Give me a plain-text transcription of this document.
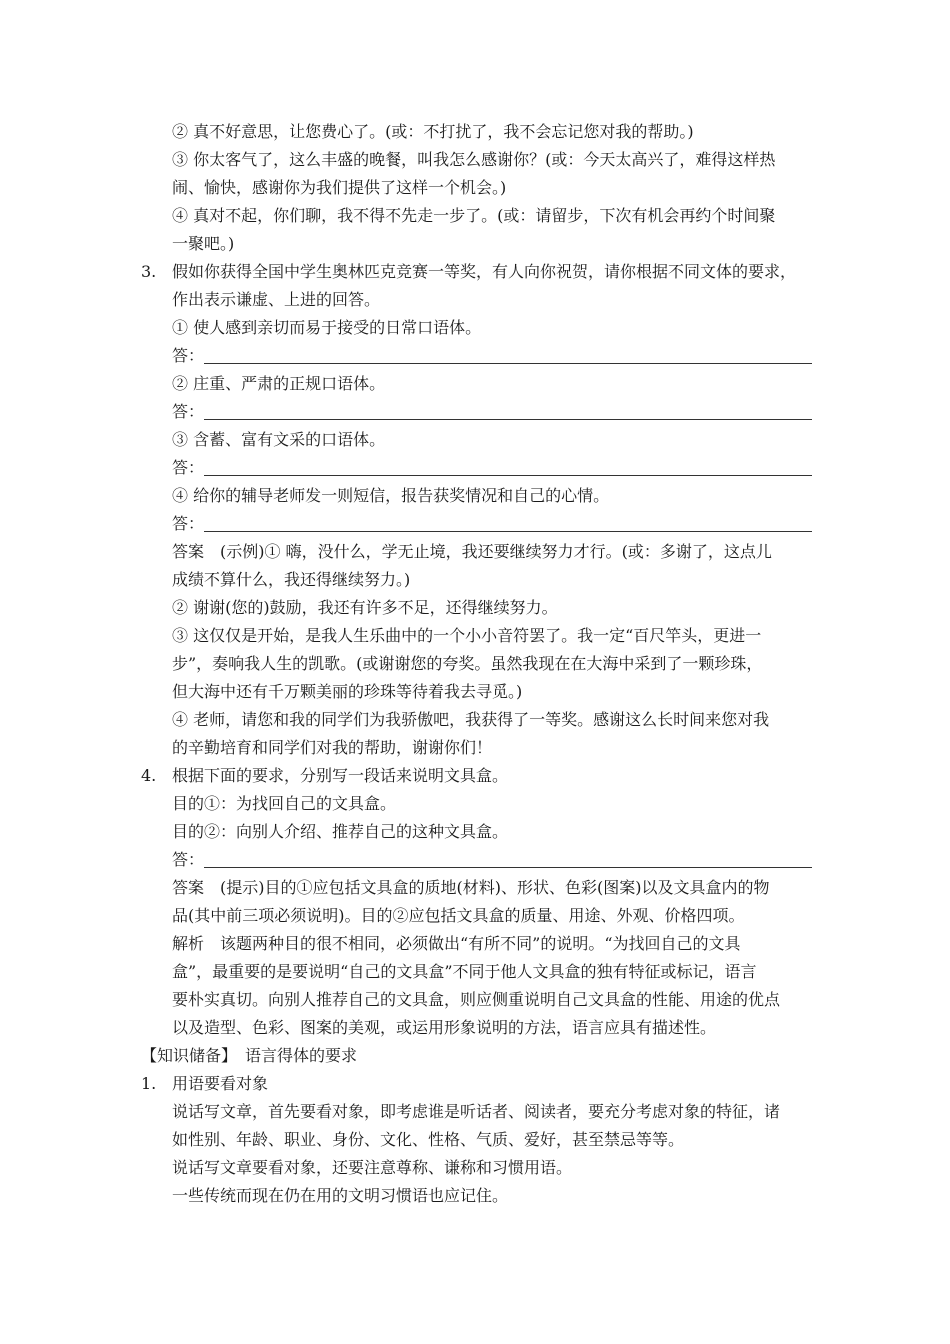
② 真不好意思，让您费心了。(或：不打扰了，我不会忘记您对我的帮助。)
③ 你太客气了，这么丰盛的晚餐，叫我怎么感谢你？(或：今天太高兴了，难得这样热
闹、愉快，感谢你为我们提供了这样一个机会。)
④ 真对不起，你们聊，我不得不先走一步了。(或：请留步，下次有机会再约个时间聚
一聚吧。)
3. 假如你获得全国中学生奥林匹克竞赛一等奖，有人向你祝贺，请你根据不同文体的要求，
作出表示谦虚、上进的回答。
① 使人感到亲切而易于接受的日常口语体。
答：
② 庄重、严肃的正规口语体。
答：
③ 含蓄、富有文采的口语体。
答：
④ 给你的辅导老师发一则短信，报告获奖情况和自己的心情。
答：
答案　(示例)① 嗨，没什么，学无止境，我还要继续努力才行。(或：多谢了，这点儿
成绩不算什么，我还得继续努力。)
② 谢谢(您的)鼓励，我还有许多不足，还得继续努力。
③ 这仅仅是开始，是我人生乐曲中的一个小小音符罢了。我一定“百尺竿头，更进一
步”，奏响我人生的凯歌。(或谢谢您的夸奖。虽然我现在在大海中采到了一颗珍珠，
但大海中还有千万颗美丽的珍珠等待着我去寻觅。)
④ 老师，请您和我的同学们为我骄傲吧，我获得了一等奖。感谢这么长时间来您对我
的辛勤培育和同学们对我的帮助，谢谢你们！
4. 根据下面的要求，分别写一段话来说明文具盒。
目的①：为找回自己的文具盒。
目的②：向别人介绍、推荐自己的这种文具盒。
答：
答案　(提示)目的①应包括文具盒的质地(材料)、形状、色彩(图案)以及文具盒内的物
品(其中前三项必须说明)。目的②应包括文具盒的质量、用途、外观、价格四项。
解析　该题两种目的很不相同，必须做出“有所不同”的说明。“为找回自己的文具
盒”，最重要的是要说明“自己的文具盒”不同于他人文具盒的独有特征或标记，语言
要朴实真切。向别人推荐自己的文具盒，则应侧重说明自己文具盒的性能、用途的优点
以及造型、色彩、图案的美观，或运用形象说明的方法，语言应具有描述性。
【知识储备】　语言得体的要求
1. 用语要看对象
说话写文章，首先要看对象，即考虑谁是听话者、阅读者，要充分考虑对象的特征，诸
如性别、年龄、职业、身份、文化、性格、气质、爱好，甚至禁忌等等。
说话写文章要看对象，还要注意尊称、谦称和习惯用语。
一些传统而现在仍在用的文明习惯语也应记住。
